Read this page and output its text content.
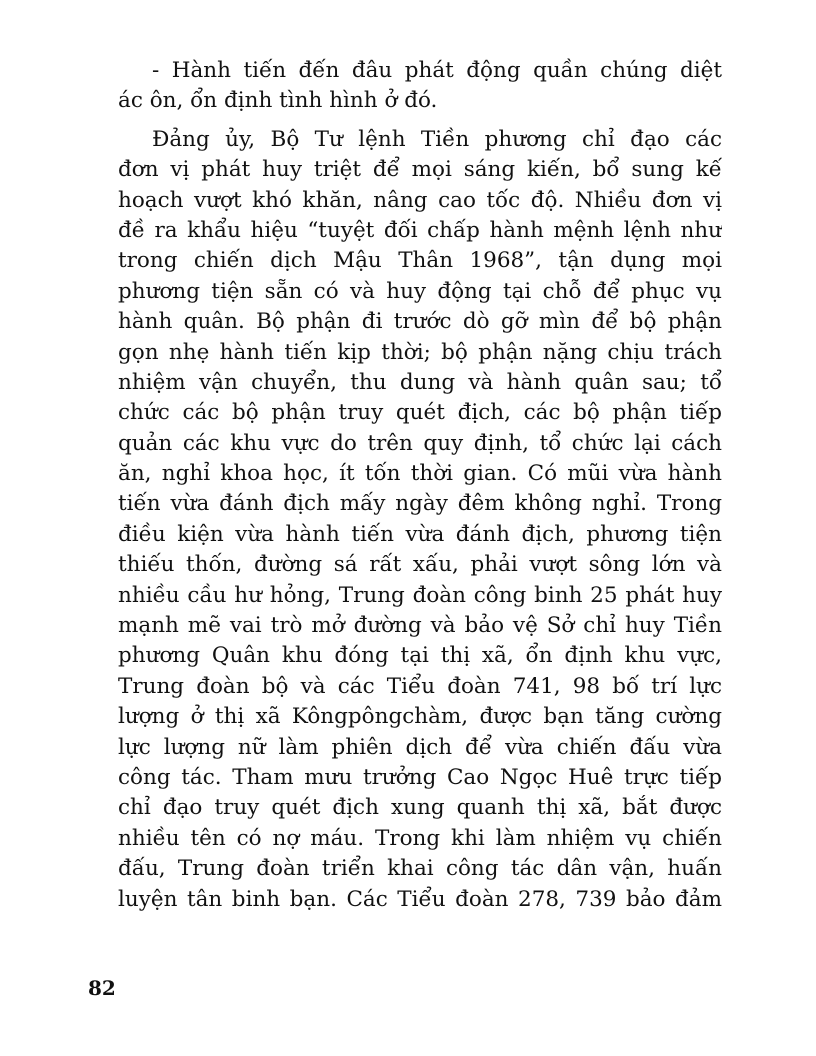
- Hành tiến đến đâu phát động quần chúng diệt
ác ôn, ổn định tình hình ở đó.
Đảng ủy, Bộ Tư lệnh Tiền phương chỉ đạo các
đơn vị phát huy triệt để mọi sáng kiến, bổ sung kế
hoạch vượt khó khăn, nâng cao tốc độ. Nhiều đơn vị
đề ra khẩu hiệu “tuyệt đối chấp hành mệnh lệnh như
trong chiến dịch Mậu Thân 1968”, tận dụng mọi
phương tiện sẵn có và huy động tại chỗ để phục vụ
hành quân. Bộ phận đi trước dò gỡ mìn để bộ phận
gọn nhẹ hành tiến kịp thời; bộ phận nặng chịu trách
nhiệm vận chuyển, thu dung và hành quân sau; tổ
chức các bộ phận truy quét địch, các bộ phận tiếp
quản các khu vực do trên quy định, tổ chức lại cách
ăn, nghỉ khoa học, ít tốn thời gian. Có mũi vừa hành
tiến vừa đánh địch mấy ngày đêm không nghỉ. Trong
điều kiện vừa hành tiến vừa đánh địch, phương tiện
thiếu thốn, đường sá rất xấu, phải vượt sông lớn và
nhiều cầu hư hỏng, Trung đoàn công binh 25 phát huy
mạnh mẽ vai trò mở đường và bảo vệ Sở chỉ huy Tiền
phương Quân khu đóng tại thị xã, ổn định khu vực,
Trung đoàn bộ và các Tiểu đoàn 741, 98 bố trí lực
lượng ở thị xã Kôngpôngchàm, được bạn tăng cường
lực lượng nữ làm phiên dịch để vừa chiến đấu vừa
công tác. Tham mưu trưởng Cao Ngọc Huê trực tiếp
chỉ đạo truy quét địch xung quanh thị xã, bắt được
nhiều tên có nợ máu. Trong khi làm nhiệm vụ chiến
đấu, Trung đoàn triển khai công tác dân vận, huấn
luyện tân binh bạn. Các Tiểu đoàn 278, 739 bảo đảm
82
